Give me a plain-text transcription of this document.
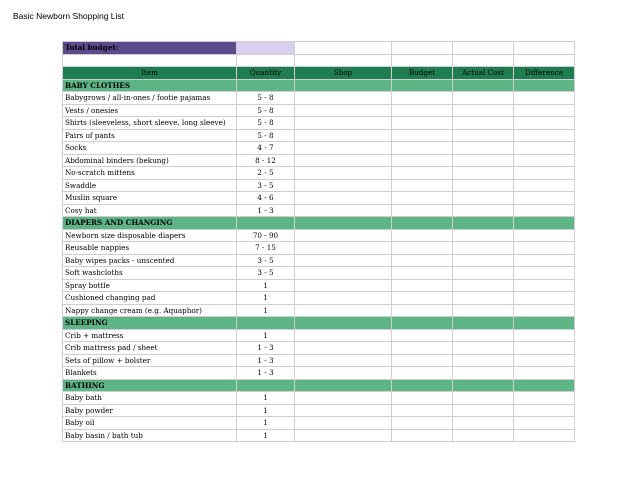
Basic Newborn Shopping List
Total budget:					

Item	Quantity	Shop	Budget	Actual Cost	Difference
BABY CLOTHES					
Babygrows / all-in-ones / footie pajamas	5 - 8				
Vests / onesies	5 - 8				
Shirts (sleeveless, short sleeve, long sleeve)	5 - 8				
Pairs of pants	5 - 8				
Socks	4 - 7				
Abdominal binders (bekung)	8 - 12				
No-scratch mittens	2 - 5				
Swaddle	3 - 5				
Muslin square	4 - 6				
Cosy hat	1 - 3				
DIAPERS AND CHANGING					
Newborn size disposable diapers	70 - 90				
Reusable nappies	7 - 15				
Baby wipes packs - unscented	3 - 5				
Soft washcloths	3 - 5				
Spray bottle	1				
Cushioned changing pad	1				
Nappy change cream (e.g. Aquaphor)	1				
SLEEPING					
Crib + mattress	1				
Crib mattress pad / sheet	1 - 3				
Sets of pillow + bolster	1 - 3				
Blankets	1 - 3				
BATHING					
Baby bath	1				
Baby powder	1				
Baby oil	1				
Baby basin / bath tub	1				
